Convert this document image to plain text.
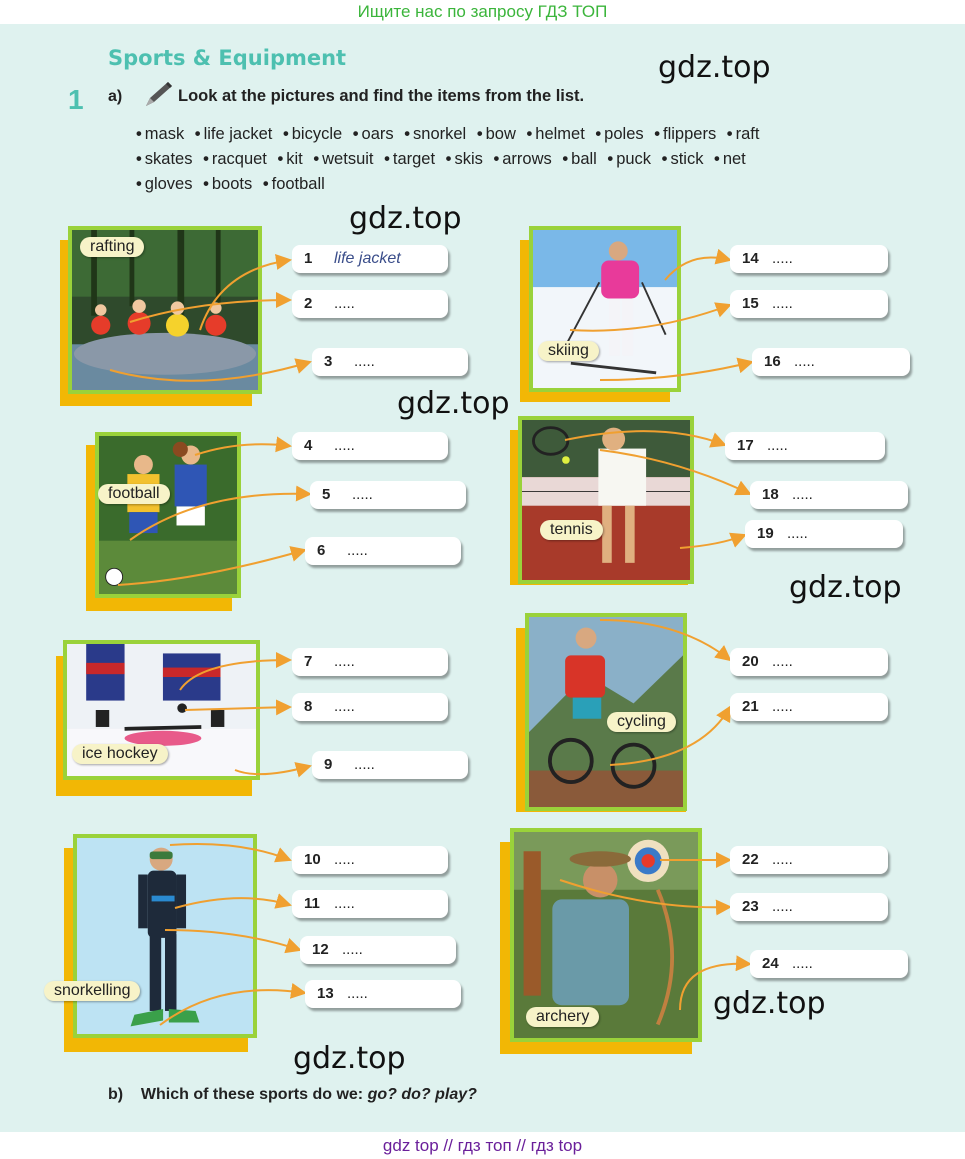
Ищите нас по запросу ГДЗ ТОП
gdz top // гдз топ // гдз top
Sports & Equipment
1 a)	Look at the pictures and find the items from the list.
• mask • life jacket • bicycle • oars • snorkel • bow • helmet • poles • flippers • raft • skates • racquet • kit • wetsuit • target • skis • arrows • ball • puck • stick • net • gloves • boots • football
gdz.top
gdz.top
gdz.top
gdz.top
gdz.top
gdz.top
rafting
football
ice hockey
snorkelling
skiing
tennis
cycling
archery
1 life jacket
2 .....
3 .....
4 .....
5 .....
6 .....
7 .....
8 .....
9 .....
10 .....
11 .....
12 .....
13 .....
14 .....
15 .....
16 .....
17 .....
18 .....
19 .....
20 .....
21 .....
22 .....
23 .....
24 .....
b) Which of these sports do we: go? do? play?
